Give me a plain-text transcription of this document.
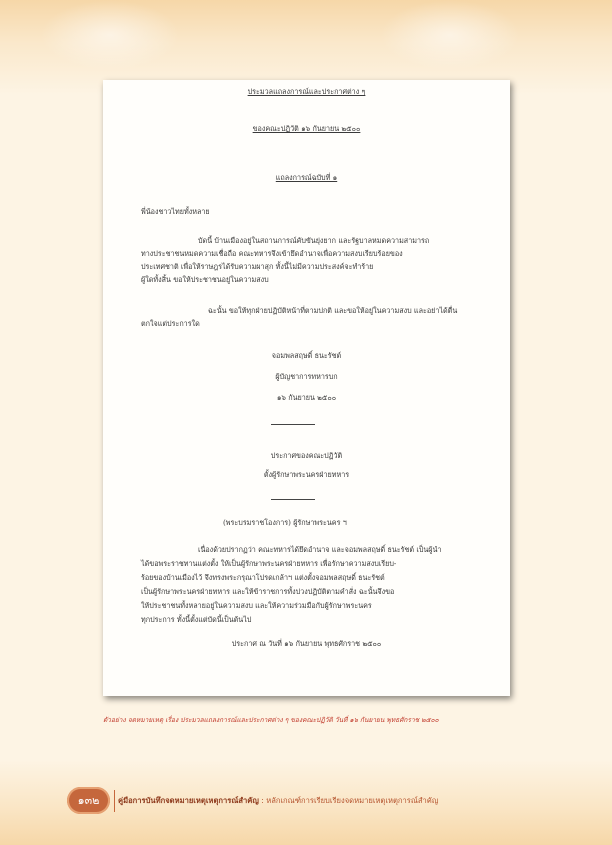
ประมวลแถลงการณ์และประกาศต่าง ๆ
ของคณะปฏิวัติ ๑๖ กันยายน ๒๕๐๐
แถลงการณ์ฉบับที่ ๑
พี่น้องชาวไทยทั้งหลาย
บัดนี้ บ้านเมืองอยู่ในสถานการณ์คับขันยุ่งยาก และรัฐบาลหมดความสามารถ
ทางประชาชนหมดความเชื่อถือ คณะทหารจึงเข้ายึดอำนาจเพื่อความสงบเรียบร้อยของ
ประเทศชาติ เพื่อให้ราษฎรได้รับความผาสุก ทั้งนี้ไม่มีความประสงค์จะทำร้าย
ผู้ใดทั้งสิ้น ขอให้ประชาชนอยู่ในความสงบ
ฉะนั้น ขอให้ทุกฝ่ายปฏิบัติหน้าที่ตามปกติ และขอให้อยู่ในความสงบ และอย่าได้ตื่น
ตกใจแต่ประการใด
จอมพลสฤษดิ์ ธนะรัชต์
ผู้บัญชาการทหารบก
๑๖ กันยายน ๒๕๐๐
ประกาศของคณะปฏิวัติ
ตั้งผู้รักษาพระนครฝ่ายทหาร
(พระบรมราชโองการ) ผู้รักษาพระนคร ฯ
เนื่องด้วยปรากฏว่า คณะทหารได้ยึดอำนาจ และจอมพลสฤษดิ์ ธนะรัชต์ เป็นผู้นำ
ได้ขอพระราชทานแต่งตั้ง ให้เป็นผู้รักษาพระนครฝ่ายทหาร เพื่อรักษาความสงบเรียบ-
ร้อยของบ้านเมืองไว้ จึงทรงพระกรุณาโปรดเกล้าฯ แต่งตั้งจอมพลสฤษดิ์ ธนะรัชต์
เป็นผู้รักษาพระนครฝ่ายทหาร และให้ข้าราชการทั้งปวงปฏิบัติตามคำสั่ง ฉะนั้นจึงขอ
ให้ประชาชนทั้งหลายอยู่ในความสงบ และให้ความร่วมมือกับผู้รักษาพระนคร
ทุกประการ ทั้งนี้ตั้งแต่บัดนี้เป็นต้นไป
ประกาศ ณ วันที่ ๑๖ กันยายน พุทธศักราช ๒๕๐๐
ตัวอย่าง จดหมายเหตุ เรื่อง ประมวลแถลงการณ์และประกาศต่าง ๆ ของคณะปฏิวัติ วันที่ ๑๖ กันยายน พุทธศักราช ๒๕๐๐
๑๓๒	คู่มือการบันทึกจดหมายเหตุเหตุการณ์สำคัญ : หลักเกณฑ์การเรียบเรียงจดหมายเหตุเหตุการณ์สำคัญ
